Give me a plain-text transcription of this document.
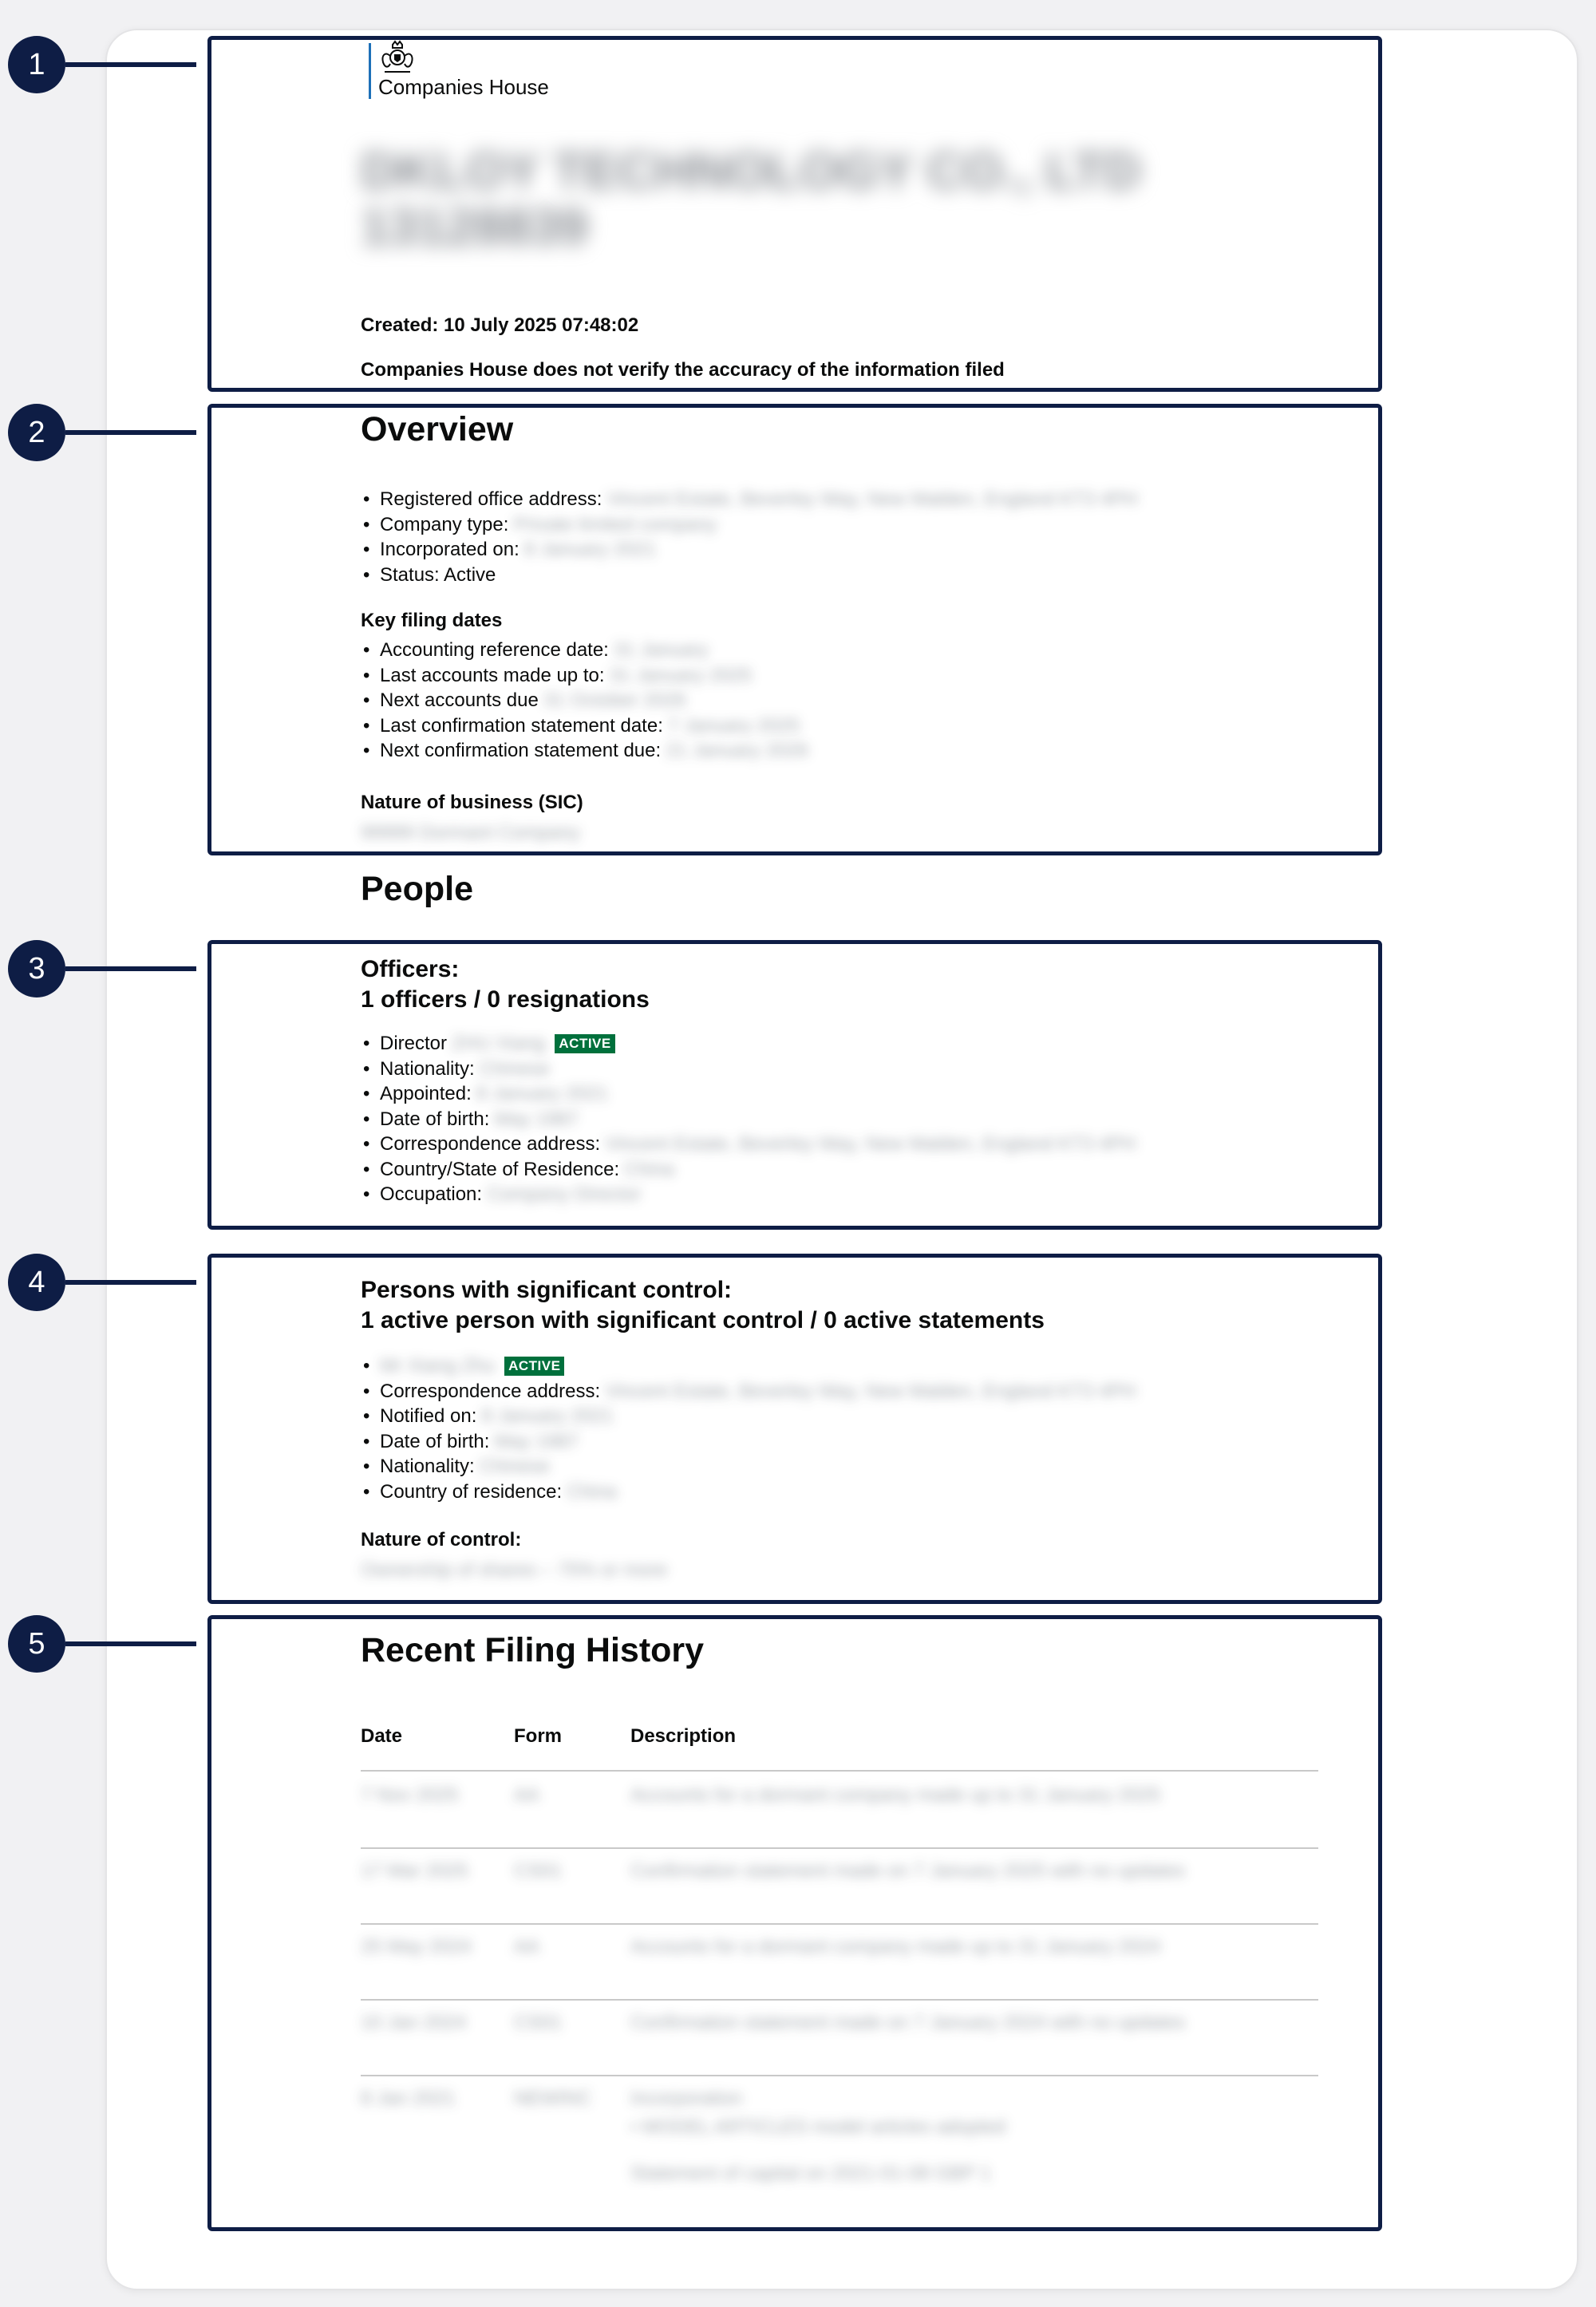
1
2
3
4
5
Companies House
DKLOY TECHNOLOGY CO., LTD
13128839
Created: 10 July 2025 07:48:02
Companies House does not verify the accuracy of the information filed
Overview
• Registered office address: Vincent Estate, Beverley Way, New Malden, England KT3 4PH
• Company type: Private limited company
• Incorporated on: 8 January 2021
• Status: Active
Key filing dates
• Accounting reference date: 31 January
• Last accounts made up to: 31 January 2025
• Next accounts due 31 October 2026
• Last confirmation statement date: 7 January 2025
• Next confirmation statement due: 21 January 2026
Nature of business (SIC)
99999 Dormant Company
People
Officers:
1 officers / 0 resignations
• Director ZHU Xiang ACTIVE
• Nationality: Chinese
• Appointed: 8 January 2021
• Date of birth: May 1987
• Correspondence address: Vincent Estate, Beverley Way, New Malden, England KT3 4PH
• Country/State of Residence: China
• Occupation: Company Director
Persons with significant control:
1 active person with significant control / 0 active statements
• Mr Xiang Zhu ACTIVE
• Correspondence address: Vincent Estate, Beverley Way, New Malden, England KT3 4PH
• Notified on: 8 January 2021
• Date of birth: May 1987
• Nationality: Chinese
• Country of residence: China
Nature of control:
Ownership of shares – 75% or more
Recent Filing History
Date	Form	Description
7 Nov 2025	AA	Accounts for a dormant company made up to 31 January 2025
17 Mar 2025 CS01	Confirmation statement made on 7 January 2025 with no updates
25 May 2024 AA	Accounts for a dormant company made up to 31 January 2024
10 Jan 2024 CS01	Confirmation statement made on 7 January 2024 with no updates
8 Jan 2021	NEWINC Incorporation
• MODEL ARTICLES model articles adopted
Statement of capital on 2021-01-08 GBP 1
